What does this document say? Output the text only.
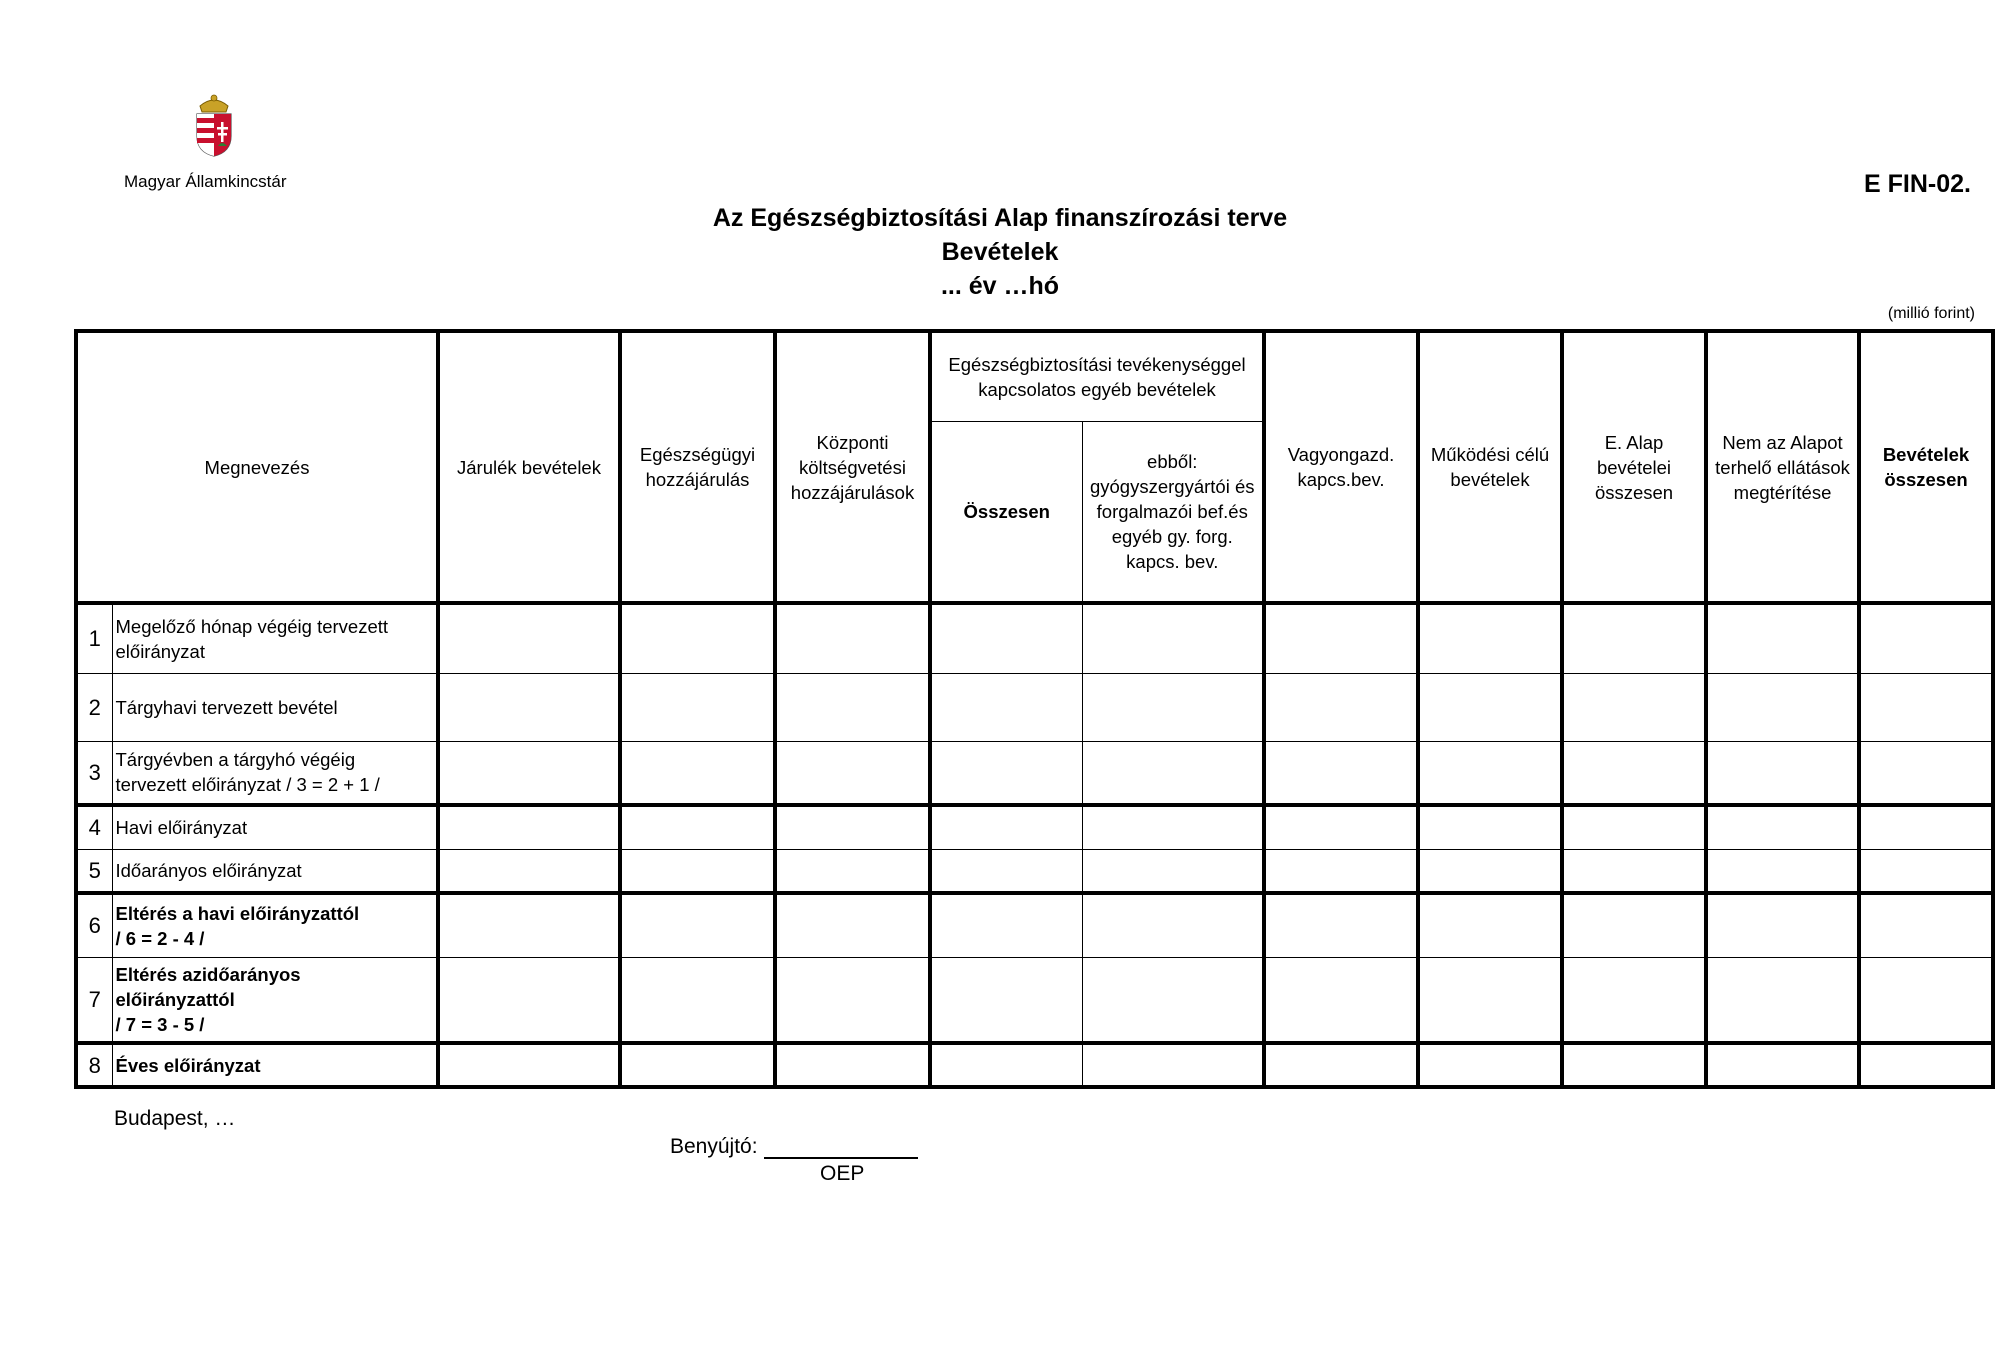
Magyar Államkincstár	E FIN-02.
Az Egészségbiztosítási Alap finanszírozási terve
Bevételek
... év …hó
(millió forint)
Megnevezés		Járulék bevételek	Egészségügyi hozzájárulás	Központi költségvetési hozzájárulások	Egészségbiztosítási tevékenységgel kapcsolatos egyéb bevételek		Vagyongazd. kapcs.bev.	Működési célú bevételek	E. Alap bevételei összesen	Nem az Alapot terhelő ellátások megtérítése	Bevételek összesen
					Összesen	ebből: gyógyszergyártói és forgalmazói bef.és egyéb gy. forg. kapcs. bev.					
1	Megelőző hónap végéig tervezett
előirányzat										

2	Tárgyhavi tervezett bevétel										

3	Tárgyévben a tárgyhó végéig
tervezett előirányzat / 3 = 2 + 1 /										

4	Havi előirányzat										

5	Időarányos előirányzat										

6	Eltérés a havi előirányzattól
/ 6 = 2 - 4 /										

7	Eltérés azidőarányos
előirányzattól
/ 7 = 3 - 5 /										

8	Éves előirányzat										

Budapest, …
Benyújtó:
OEP
